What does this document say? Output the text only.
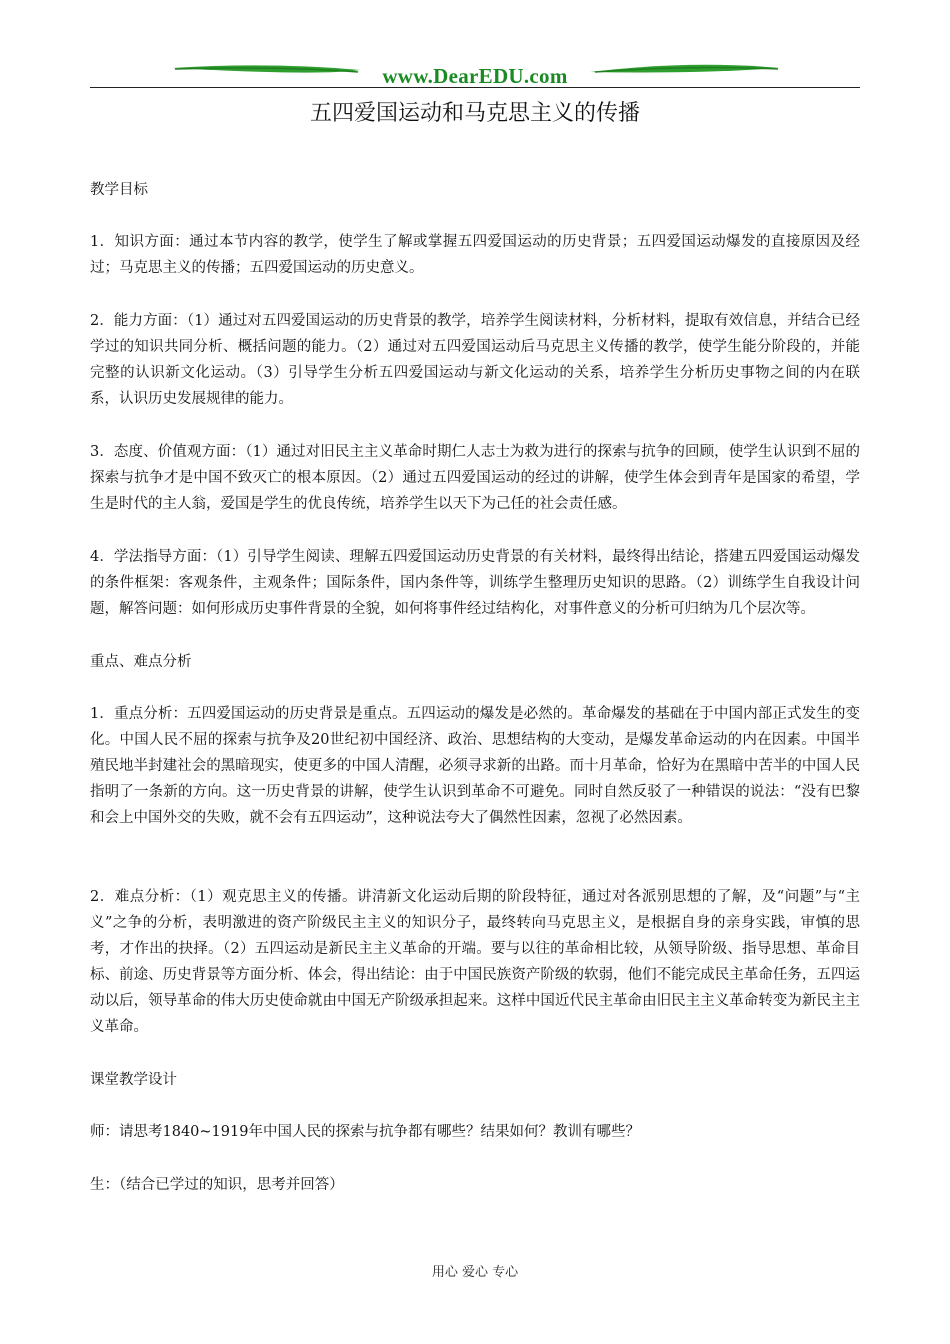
www.DearEDU.com
五四爱国运动和马克思主义的传播

教学目标

1．知识方面：通过本节内容的教学，使学生了解或掌握五四爱国运动的历史背景；五四爱国运动爆发的直接原因及经过；马克思主义的传播；五四爱国运动的历史意义。

2．能力方面：（1）通过对五四爱国运动的历史背景的教学，培养学生阅读材料，分析材料，提取有效信息，并结合已经学过的知识共同分析、概括问题的能力。（2）通过对五四爱国运动后马克思主义传播的教学，使学生能分阶段的，并能完整的认识新文化运动。（3）引导学生分析五四爱国运动与新文化运动的关系，培养学生分析历史事物之间的内在联系，认识历史发展规律的能力。

3．态度、价值观方面：（1）通过对旧民主主义革命时期仁人志士为救为进行的探索与抗争的回顾，使学生认识到不屈的探索与抗争才是中国不致灭亡的根本原因。（2）通过五四爱国运动的经过的讲解，使学生体会到青年是国家的希望，学生是时代的主人翁，爱国是学生的优良传统，培养学生以天下为己任的社会责任感。

4．学法指导方面：（1）引导学生阅读、理解五四爱国运动历史背景的有关材料，最终得出结论，搭建五四爱国运动爆发的条件框架：客观条件，主观条件；国际条件，国内条件等，训练学生整理历史知识的思路。（2）训练学生自我设计问题，解答问题：如何形成历史事件背景的全貌，如何将事件经过结构化，对事件意义的分析可归纳为几个层次等。

重点、难点分析

1．重点分析：五四爱国运动的历史背景是重点。五四运动的爆发是必然的。革命爆发的基础在于中国内部正式发生的变化。中国人民不屈的探索与抗争及20世纪初中国经济、政治、思想结构的大变动，是爆发革命运动的内在因素。中国半殖民地半封建社会的黑暗现实，使更多的中国人清醒，必须寻求新的出路。而十月革命，恰好为在黑暗中苦半的中国人民指明了一条新的方向。这一历史背景的讲解，使学生认识到革命不可避免。同时自然反驳了一种错误的说法：“没有巴黎和会上中国外交的失败，就不会有五四运动”，这种说法夸大了偶然性因素，忽视了必然因素。

2．难点分析：（1）观克思主义的传播。讲清新文化运动后期的阶段特征，通过对各派别思想的了解，及“问题”与“主义”之争的分析，表明激进的资产阶级民主主义的知识分子，最终转向马克思主义，是根据自身的亲身实践，审慎的思考，才作出的抉择。（2）五四运动是新民主主义革命的开端。要与以往的革命相比较，从领导阶级、指导思想、革命目标、前途、历史背景等方面分析、体会，得出结论：由于中国民族资产阶级的软弱，他们不能完成民主革命任务，五四运动以后，领导革命的伟大历史使命就由中国无产阶级承担起来。这样中国近代民主革命由旧民主主义革命转变为新民主主义革命。

课堂教学设计

师：请思考1840~1919年中国人民的探索与抗争都有哪些？结果如何？教训有哪些？

生：（结合已学过的知识，思考并回答）

用心 爱心 专心
